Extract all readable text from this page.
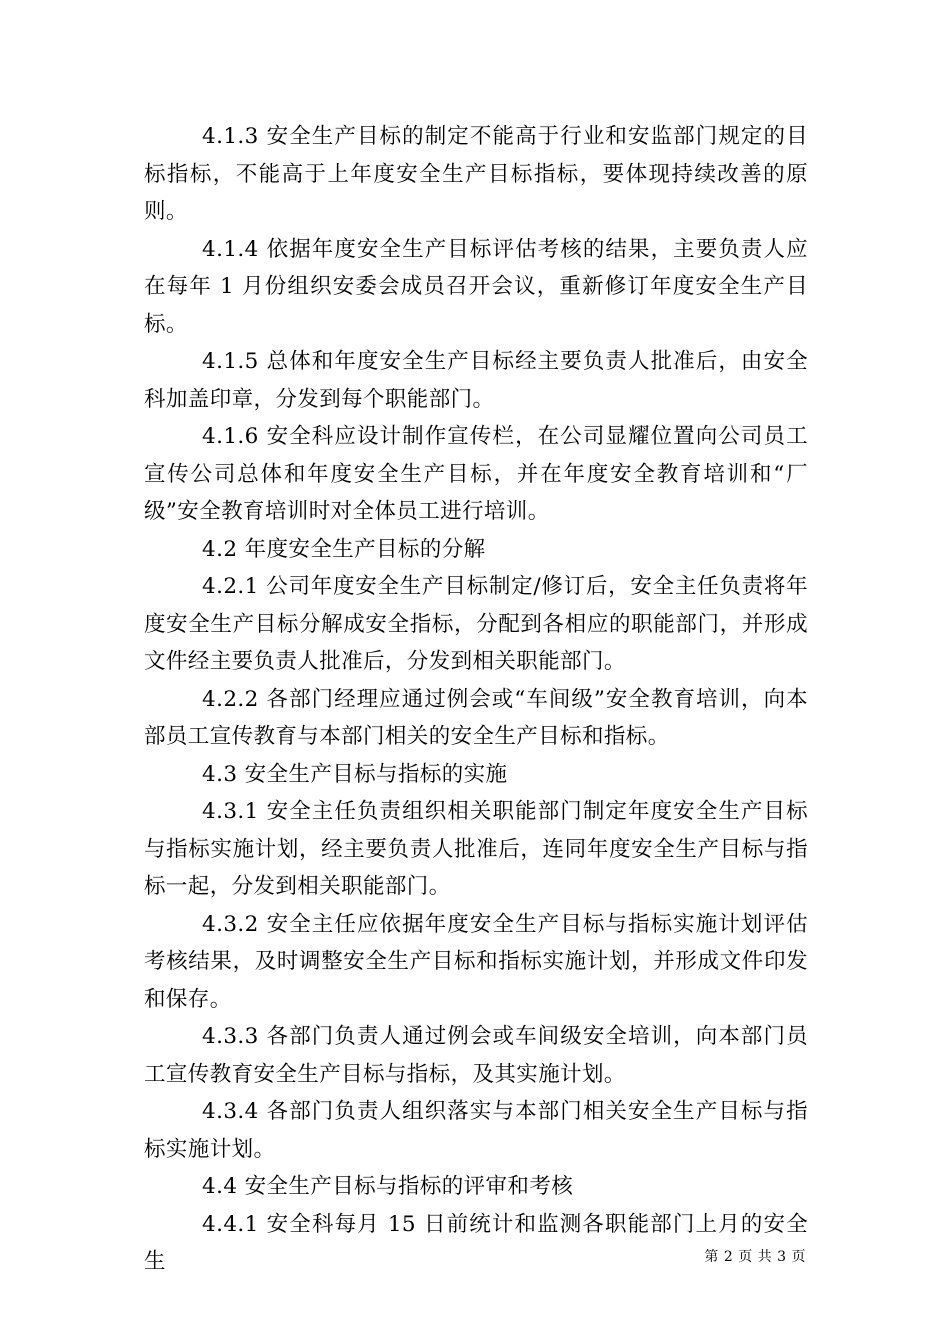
4.1.3 安全生产目标的制定不能高于行业和安监部门规定的目标指标，不能高于上年度安全生产目标指标，要体现持续改善的原则。

4.1.4 依据年度安全生产目标评估考核的结果，主要负责人应在每年 1 月份组织安委会成员召开会议，重新修订年度安全生产目标。

4.1.5 总体和年度安全生产目标经主要负责人批准后，由安全科加盖印章，分发到每个职能部门。

4.1.6 安全科应设计制作宣传栏，在公司显耀位置向公司员工宣传公司总体和年度安全生产目标，并在年度安全教育培训和“厂级”安全教育培训时对全体员工进行培训。

4.2 年度安全生产目标的分解

4.2.1 公司年度安全生产目标制定/修订后，安全主任负责将年度安全生产目标分解成安全指标，分配到各相应的职能部门，并形成文件经主要负责人批准后，分发到相关职能部门。

4.2.2 各部门经理应通过例会或“车间级”安全教育培训，向本部员工宣传教育与本部门相关的安全生产目标和指标。

4.3 安全生产目标与指标的实施

4.3.1 安全主任负责组织相关职能部门制定年度安全生产目标与指标实施计划，经主要负责人批准后，连同年度安全生产目标与指标一起，分发到相关职能部门。

4.3.2 安全主任应依据年度安全生产目标与指标实施计划评估考核结果，及时调整安全生产目标和指标实施计划，并形成文件印发和保存。

4.3.3 各部门负责人通过例会或车间级安全培训，向本部门员工宣传教育安全生产目标与指标，及其实施计划。

4.3.4 各部门负责人组织落实与本部门相关安全生产目标与指标实施计划。

4.4 安全生产目标与指标的评审和考核

4.4.1 安全科每月 15 日前统计和监测各职能部门上月的安全生	第 2 页 共 3 页
